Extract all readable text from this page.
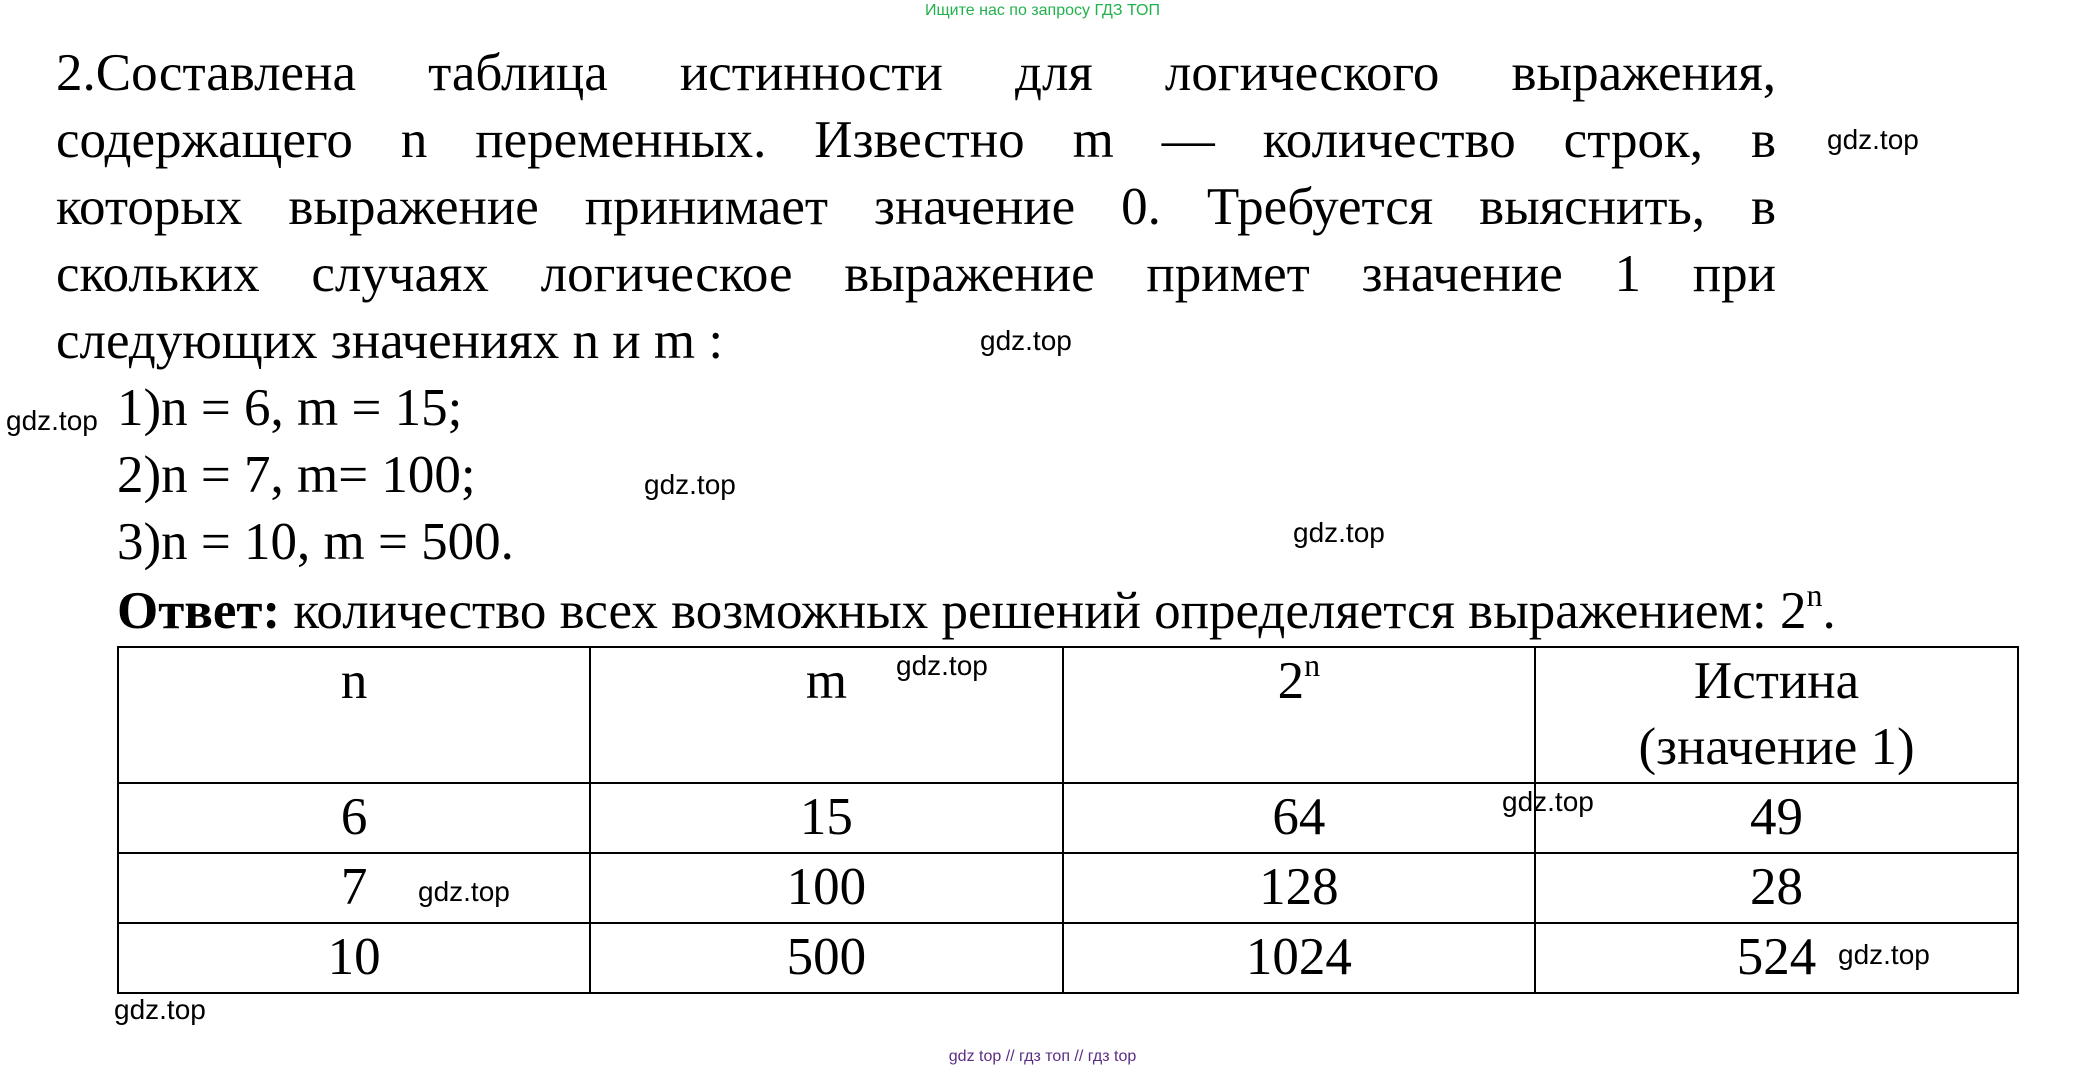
Ищите нас по запросу ГДЗ ТОП
2.Составлена таблица истинности для логического выражения,
содержащего n переменных. Известно m — количество строк, в
которых выражение принимает значение 0. Требуется выяснить, в
скольких случаях логическое выражение примет значение 1 при
следующих значениях n и m :
1)n = 6, m = 15;
2)n = 7, m= 100;
3)n = 10, m = 500.
Ответ: количество всех возможных решений определяется выражением: 2$^n$.
n	m	2$^n$	Истина
(значение 1)
6	15	64	49
7	100	128	28
10	500	1024	524
gdz.top
gdz.top
gdz.top
gdz.top
gdz.top
gdz.top
gdz.top
gdz.top
gdz.top
gdz.top
gdz top // гдз топ // гдз top
